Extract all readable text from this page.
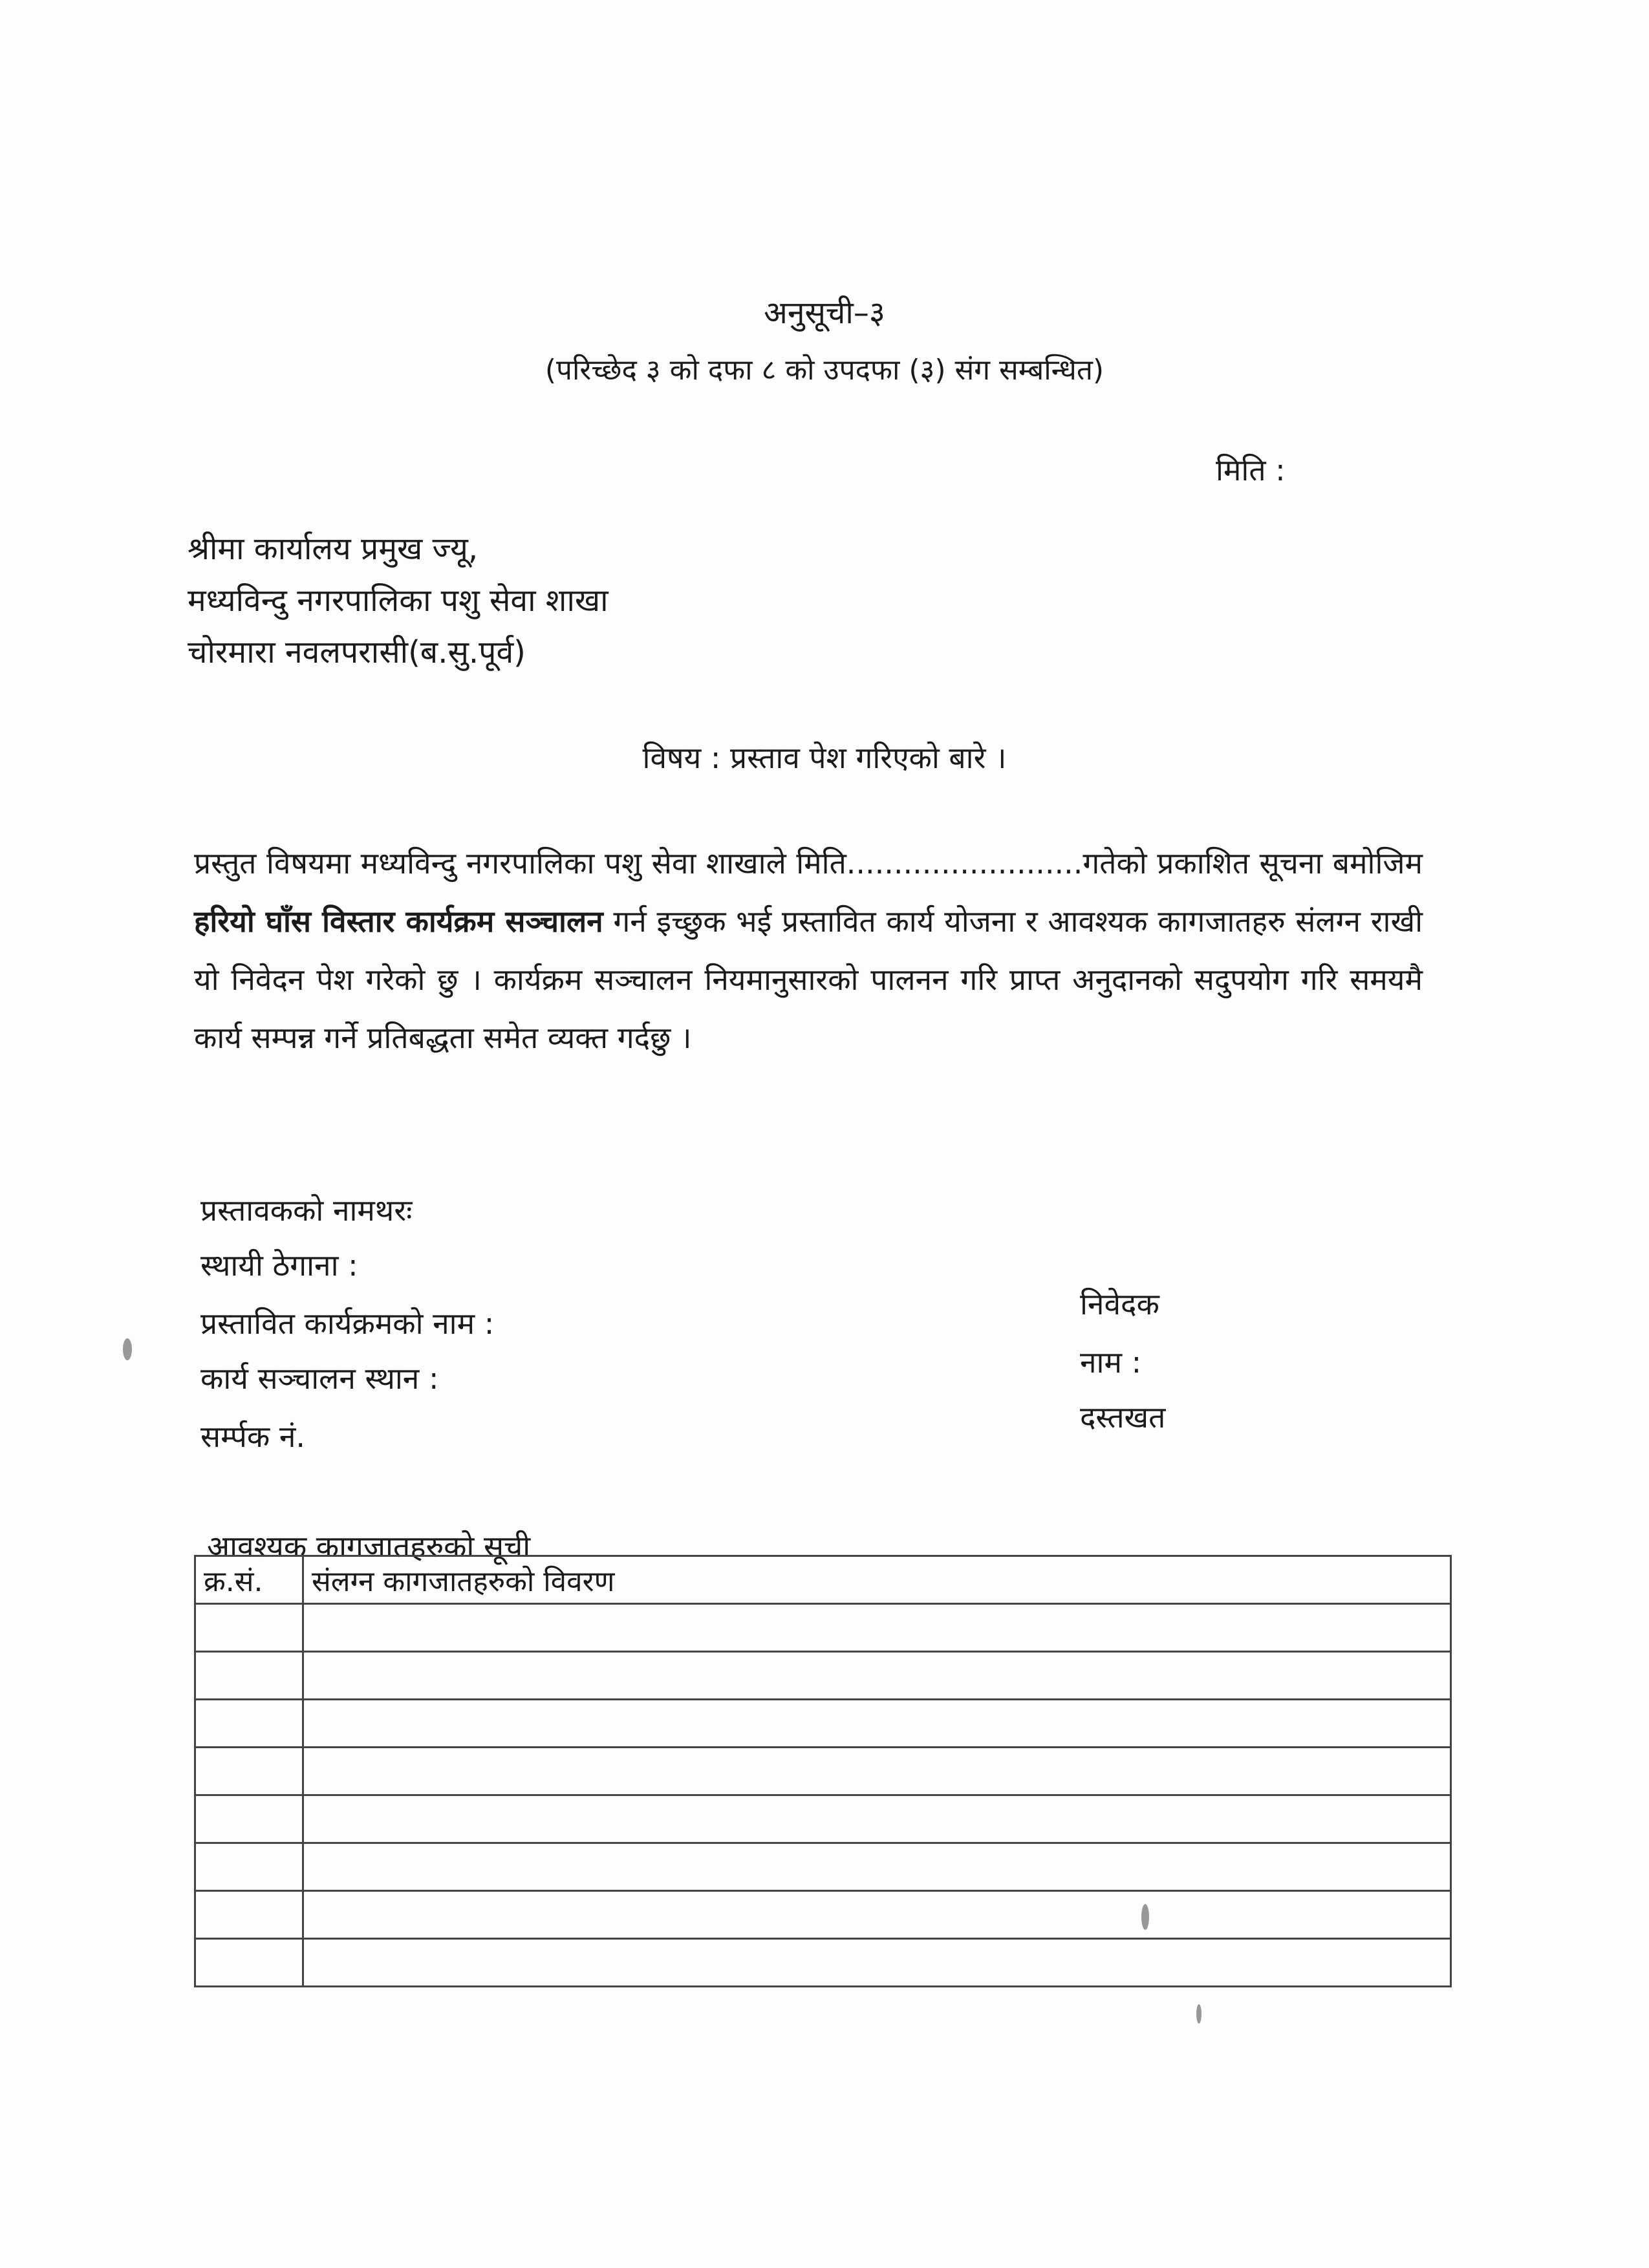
अनुसूची–३
(परिच्छेद ३ को दफा ८ को उपदफा (३) संग सम्बन्धित)
मिति :
श्रीमा कार्यालय प्रमुख ज्यू,
मध्यविन्दु नगरपालिका पशु सेवा शाखा
चोरमारा नवलपरासी(ब.सु.पूर्व)
विषय : प्रस्ताव पेश गरिएको बारे ।
प्रस्तुत विषयमा मध्यविन्दु नगरपालिका पशु सेवा शाखाले मिति.........................गतेको प्रकाशित सूचना बमोजिम हरियो घाँस विस्तार कार्यक्रम सञ्चालन गर्न इच्छुक भई प्रस्तावित कार्य योजना र आवश्यक कागजातहरु संलग्न राखी यो निवेदन पेश गरेको छु । कार्यक्रम सञ्चालन नियमानुसारको पालनन गरि प्राप्त अनुदानको सदुपयोग गरि समयमै कार्य सम्पन्न गर्ने प्रतिबद्धता समेत व्यक्त गर्दछु ।
प्रस्तावकको नामथरः
स्थायी ठेगाना :
प्रस्तावित कार्यक्रमको नाम :
कार्य सञ्चालन स्थान :
सर्म्पक नं.
निवेदक
नाम :
दस्तखत
आवश्यक कागजातहरुको सूची
क्र.सं.	संलग्न कागजातहरुको विवरण
